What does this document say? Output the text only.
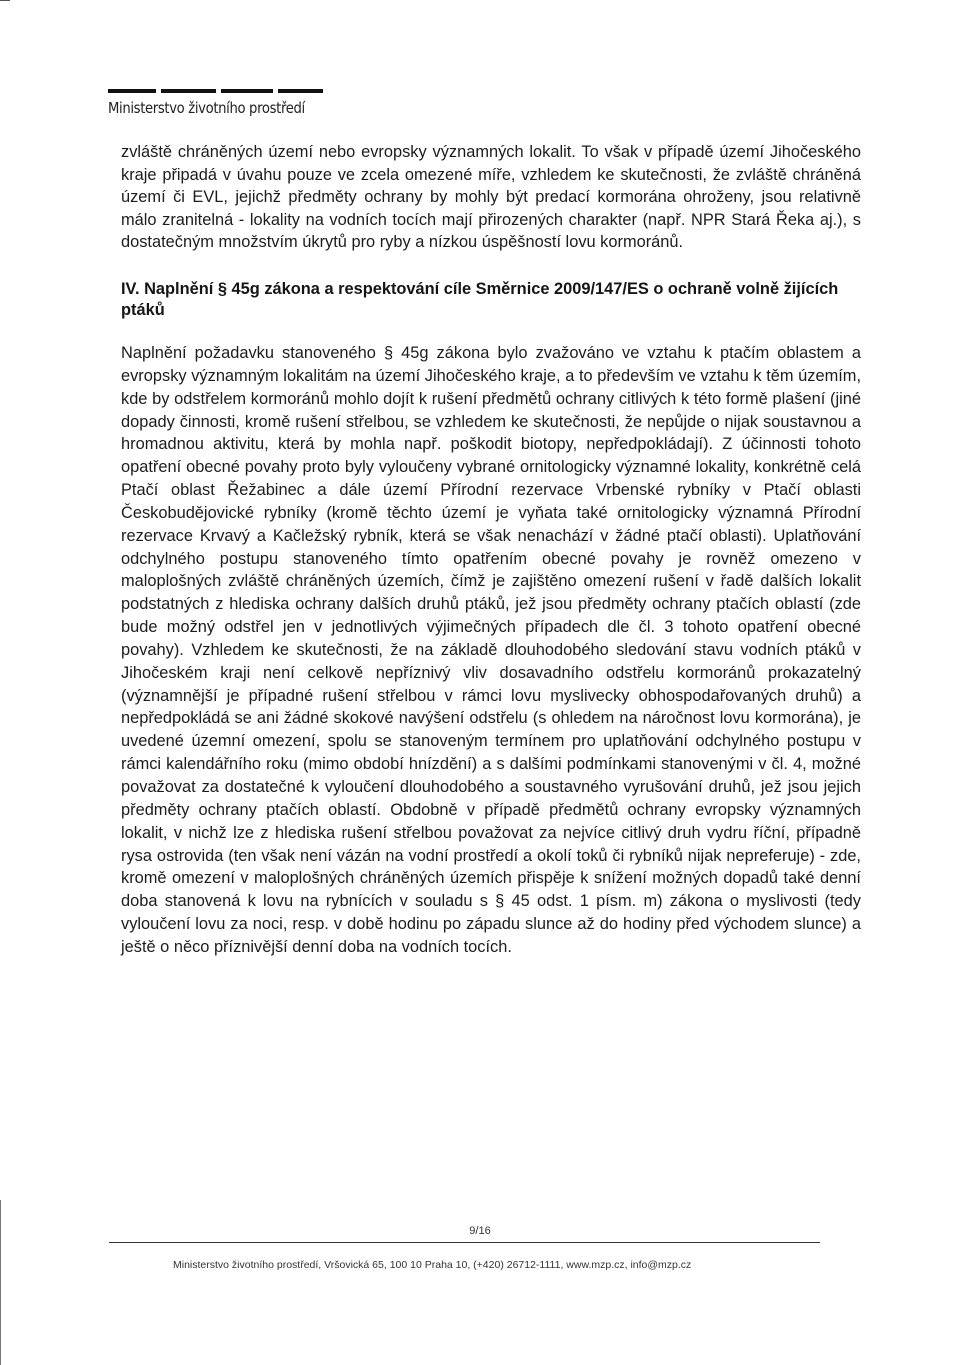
Ministerstvo životního prostředí

zvláště chráněných území nebo evropsky významných lokalit. To však v případě území Jihočeského kraje připadá v úvahu pouze ve zcela omezené míře, vzhledem ke skutečnosti, že zvláště chráněná území či EVL, jejichž předměty ochrany by mohly být predací kormorána ohroženy, jsou relativně málo zranitelná - lokality na vodních tocích mají přirozených charakter (např. NPR Stará Řeka aj.), s dostatečným množstvím úkrytů pro ryby a nízkou úspěšností lovu kormoránů.

IV. Naplnění § 45g zákona a respektování cíle Směrnice 2009/147/ES o ochraně volně žijících ptáků

Naplnění požadavku stanoveného § 45g zákona bylo zvažováno ve vztahu k ptačím oblastem a evropsky významným lokalitám na území Jihočeského kraje, a to především ve vztahu k těm územím, kde by odstřelem kormoránů mohlo dojít k rušení předmětů ochrany citlivých k této formě plašení (jiné dopady činnosti, kromě rušení střelbou, se vzhledem ke skutečnosti, že nepůjde o nijak soustavnou a hromadnou aktivitu, která by mohla např. poškodit biotopy, nepředpokládají). Z účinnosti tohoto opatření obecné povahy proto byly vyloučeny vybrané ornitologicky významné lokality, konkrétně celá Ptačí oblast Řežabinec a dále území Přírodní rezervace Vrbenské rybníky v Ptačí oblasti Českobudějovické rybníky (kromě těchto území je vyňata také ornitologicky významná Přírodní rezervace Krvavý a Kačležský rybník, která se však nenachází v žádné ptačí oblasti). Uplatňování odchylného postupu stanoveného tímto opatřením obecné povahy je rovněž omezeno v maloplošných zvláště chráněných územích, čímž je zajištěno omezení rušení v řadě dalších lokalit podstatných z hlediska ochrany dalších druhů ptáků, jež jsou předměty ochrany ptačích oblastí (zde bude možný odstřel jen v jednotlivých výjimečných případech dle čl. 3 tohoto opatření obecné povahy). Vzhledem ke skutečnosti, že na základě dlouhodobého sledování stavu vodních ptáků v Jihočeském kraji není celkově nepříznivý vliv dosavadního odstřelu kormoránů prokazatelný (významnější je případné rušení střelbou v rámci lovu myslivecky obhospodařovaných druhů) a nepředpokládá se ani žádné skokové navýšení odstřelu (s ohledem na náročnost lovu kormorána), je uvedené územní omezení, spolu se stanoveným termínem pro uplatňování odchylného postupu v rámci kalendářního roku (mimo období hnízdění) a s dalšími podmínkami stanovenými v čl. 4, možné považovat za dostatečné k vyloučení dlouhodobého a soustavného vyrušování druhů, jež jsou jejich předměty ochrany ptačích oblastí. Obdobně v případě předmětů ochrany evropsky významných lokalit, v nichž lze z hlediska rušení střelbou považovat za nejvíce citlivý druh vydru říční, případně rysa ostrovida (ten však není vázán na vodní prostředí a okolí toků či rybníků nijak nepreferuje) - zde, kromě omezení v maloplošných chráněných územích přispěje k snížení možných dopadů také denní doba stanovená k lovu na rybnících v souladu s § 45 odst. 1 písm. m) zákona o myslivosti (tedy vyloučení lovu za noci, resp. v době hodinu po západu slunce až do hodiny před východem slunce) a ještě o něco příznivější denní doba na vodních tocích.

9/16
Ministerstvo životního prostředí, Vršovická 65, 100 10 Praha 10, (+420) 26712-1111, www.mzp.cz, info@mzp.cz
